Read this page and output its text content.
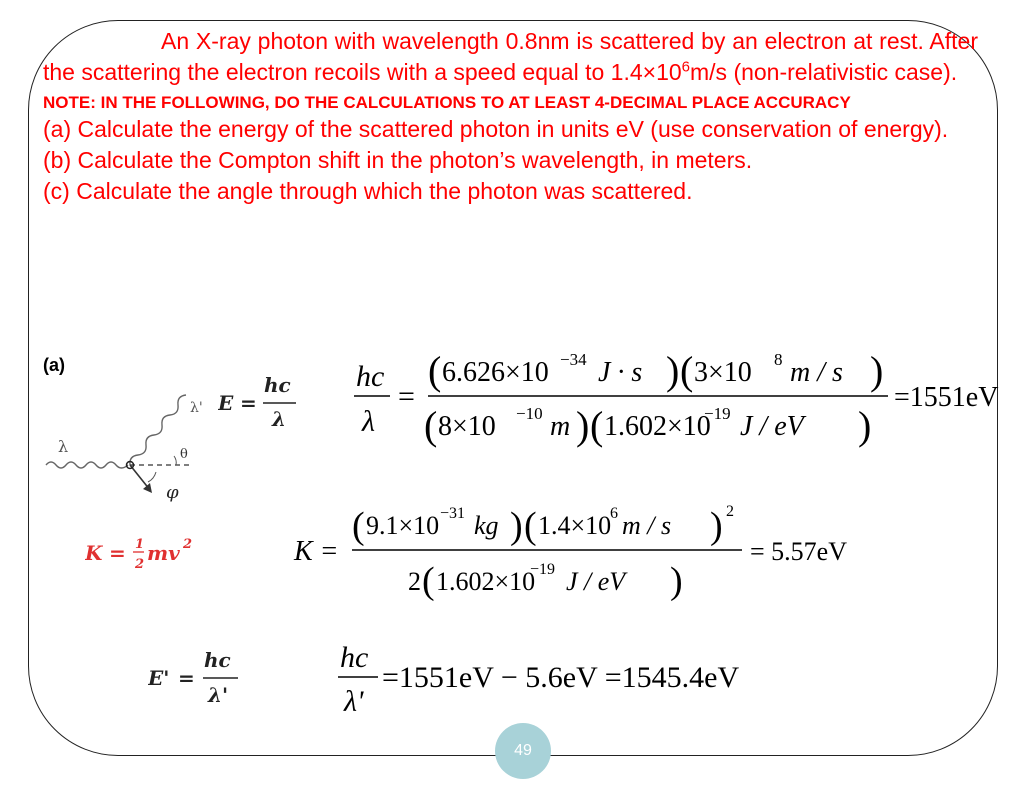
An X-ray photon with wavelength 0.8nm is scattered by an electron at rest. After the scattering the electron recoils with a speed equal to $1.4\times 10^6m/s$ (non-relativistic case).

NOTE: IN THE FOLLOWING, DO THE CALCULATIONS TO AT LEAST 4-DECIMAL PLACE ACCURACY

(a) Calculate the energy of the scattered photon in units eV (use conservation of energy).

(b) Calculate the Compton shift in the photon’s wavelength, in meters.

(c) Calculate the angle through which the photon was scattered.

(a)
λ
λ'
θ
φ
E =
hc
λ
K = 1
2 mv 2
E' =
hc
λ'
hc
λ
=
( 6.626×10 −34 J · s ) ( 3×10 8 m / s )
( 8×10 −10 m ) ( 1.602×10
−19 J / eV )
=1551eV
K =
( 9.1×10 −31 kg ) ( 1.4×10
6 m / s ) 2
2 ( 1.602×10
−19 J / eV )
= 5.57eV
hc
λ'
=1551eV − 5.6eV =1545.4eV
49
